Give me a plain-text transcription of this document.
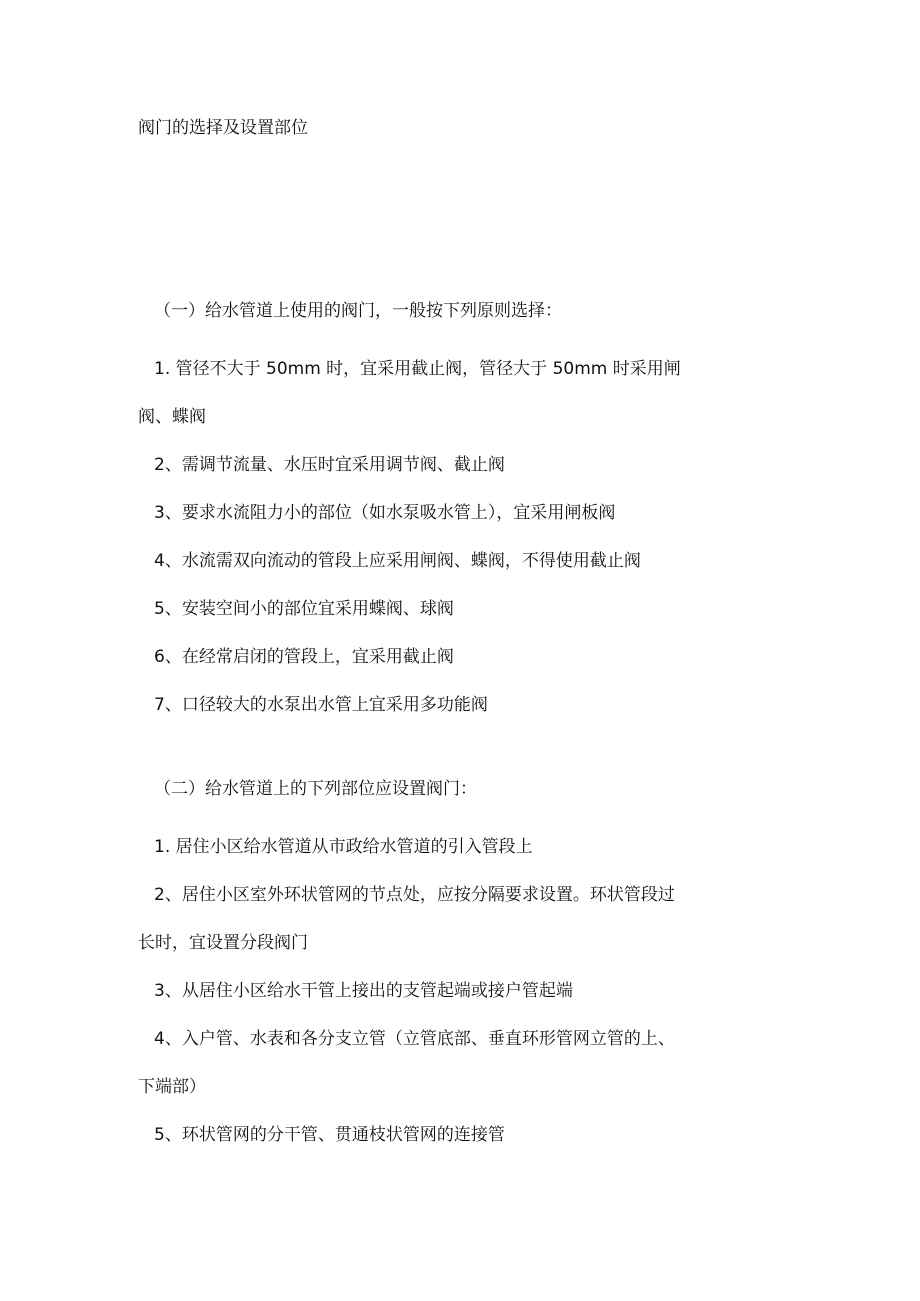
阀门的选择及设置部位

（一）给水管道上使用的阀门，一般按下列原则选择：

1. 管径不大于 50mm 时，宜采用截止阀，管径大于 50mm 时采用闸
阀、蝶阀

2、需调节流量、水压时宜采用调节阀、截止阀

3、要求水流阻力小的部位（如水泵吸水管上），宜采用闸板阀

4、水流需双向流动的管段上应采用闸阀、蝶阀，不得使用截止阀

5、安装空间小的部位宜采用蝶阀、球阀

6、在经常启闭的管段上，宜采用截止阀

7、口径较大的水泵出水管上宜采用多功能阀

（二）给水管道上的下列部位应设置阀门：

1. 居住小区给水管道从市政给水管道的引入管段上

2、居住小区室外环状管网的节点处，应按分隔要求设置。环状管段过
长时，宜设置分段阀门

3、从居住小区给水干管上接出的支管起端或接户管起端

4、入户管、水表和各分支立管（立管底部、垂直环形管网立管的上、
下端部）

5、环状管网的分干管、贯通枝状管网的连接管
